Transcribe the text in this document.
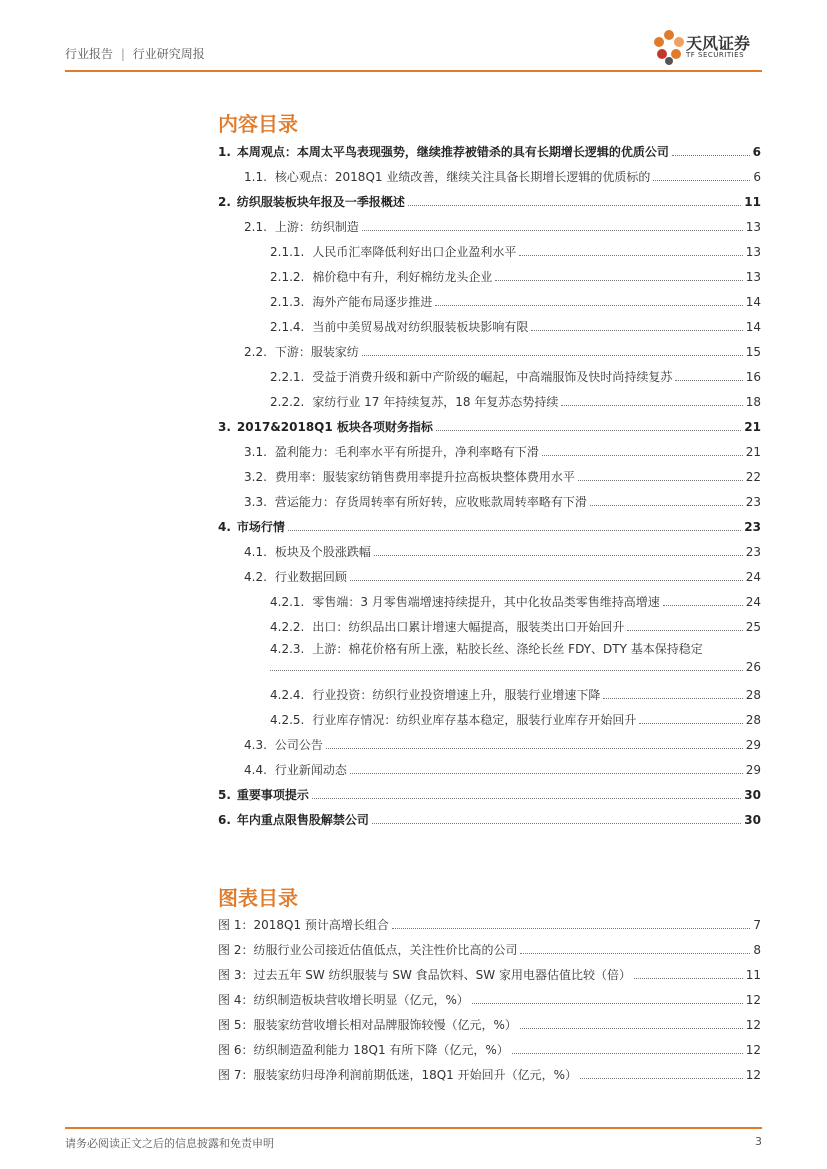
行业报告 | 行业研究周报
天风证券
TF SECURITIES
内容目录
1. 本周观点：本周太平鸟表现强势，继续推荐被错杀的具有长期增长逻辑的优质公司	6
1.1. 核心观点：2018Q1 业绩改善，继续关注具备长期增长逻辑的优质标的	6
2. 纺织服装板块年报及一季报概述	11
2.1. 上游：纺织制造	13
2.1.1. 人民币汇率降低利好出口企业盈利水平	13
2.1.2. 棉价稳中有升，利好棉纺龙头企业	13
2.1.3. 海外产能布局逐步推进	14
2.1.4. 当前中美贸易战对纺织服装板块影响有限	14
2.2. 下游：服装家纺	15
2.2.1. 受益于消费升级和新中产阶级的崛起，中高端服饰及快时尚持续复苏	16
2.2.2. 家纺行业 17 年持续复苏，18 年复苏态势持续	18
3. 2017&2018Q1 板块各项财务指标	21
3.1. 盈利能力：毛利率水平有所提升，净利率略有下滑	21
3.2. 费用率：服装家纺销售费用率提升拉高板块整体费用水平	22
3.3. 营运能力：存货周转率有所好转，应收账款周转率略有下滑	23
4. 市场行情	23
4.1. 板块及个股涨跌幅	23
4.2. 行业数据回顾	24
4.2.1. 零售端：3 月零售端增速持续提升，其中化妆品类零售维持高增速	24
4.2.2. 出口：纺织品出口累计增速大幅提高，服装类出口开始回升	25
4.2.3. 上游：棉花价格有所上涨，粘胶长丝、涤纶长丝 FDY、DTY 基本保持稳定
26
4.2.4. 行业投资：纺织行业投资增速上升，服装行业增速下降	28
4.2.5. 行业库存情况：纺织业库存基本稳定，服装行业库存开始回升	28
4.3. 公司公告	29
4.4. 行业新闻动态	29
5. 重要事项提示	30
6. 年内重点限售股解禁公司	30
图表目录
图 1： 2018Q1 预计高增长组合	7
图 2： 纺服行业公司接近估值低点，关注性价比高的公司	8
图 3： 过去五年 SW 纺织服装与 SW 食品饮料、SW 家用电器估值比较（倍）	11
图 4： 纺织制造板块营收增长明显（亿元，%）	12
图 5： 服装家纺营收增长相对品牌服饰较慢（亿元，%）	12
图 6： 纺织制造盈利能力 18Q1 有所下降（亿元，%）	12
图 7： 服装家纺归母净利润前期低迷，18Q1 开始回升（亿元，%）	12
请务必阅读正文之后的信息披露和免责申明	3
